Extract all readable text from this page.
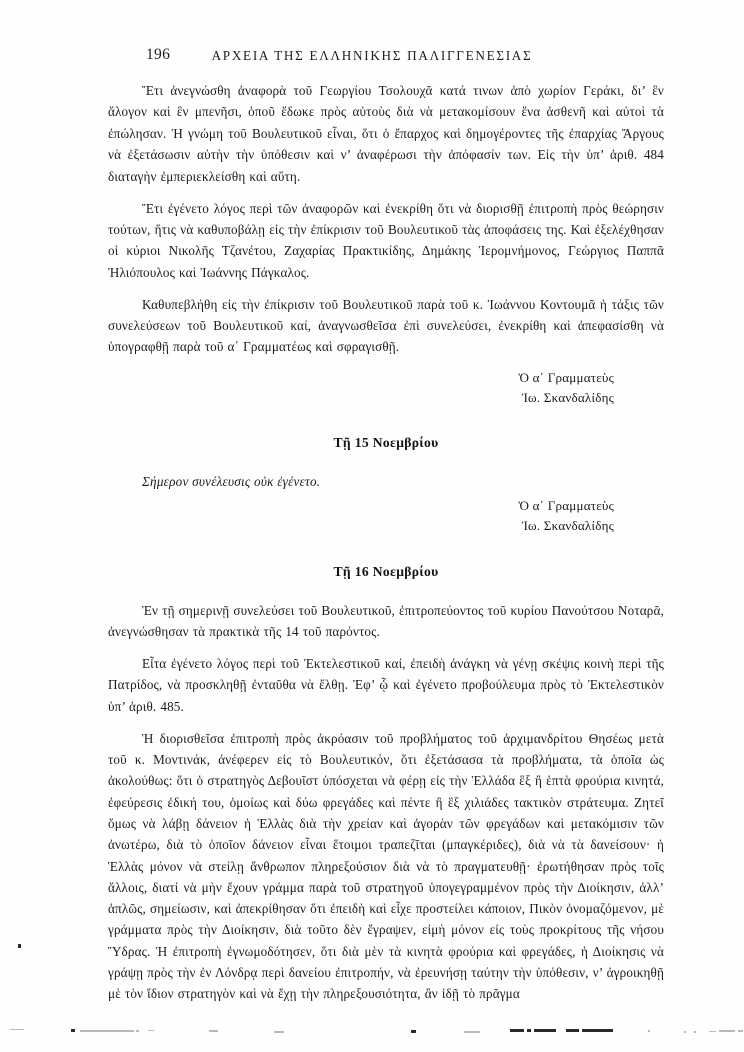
196	ΑΡΧΕΙΑ ΤΗΣ ΕΛΛΗΝΙΚΗΣ ΠΑΛΙΓΓΕΝΕΣΙΑΣ

Ἔτι ἀνεγνώσθη ἀναφορὰ τοῦ Γεωργίου Τσολουχᾶ κατά τινων ἀπὸ χωρίον Γεράκι, δι’ ἓν ἄλογον καὶ ἓν μπενῆσι, ὁποῦ ἔδωκε πρὸς αὐτοὺς διὰ νὰ μετακομίσουν ἕνα ἀσθενῆ καὶ αὐτοὶ τὰ ἐπώλησαν. Ἡ γνώμη τοῦ Βουλευτικοῦ εἶναι, ὅτι ὁ ἔπαρχος καὶ δημογέροντες τῆς ἐπαρχίας Ἄργους νὰ ἐξετάσωσιν αὐτὴν τὴν ὑπόθεσιν καὶ ν’ ἀναφέρωσι τὴν ἀπόφασίν των. Εἰς τὴν ὑπ’ ἀριθ. 484 διαταγὴν ἐμπεριεκλείσθη καὶ αὕτη.

Ἔτι ἐγένετο λόγος περὶ τῶν ἀναφορῶν καὶ ἐνεκρίθη ὅτι νὰ διορισθῇ ἐπιτροπὴ πρὸς θεώρησιν τούτων, ἥτις νὰ καθυποβάλῃ εἰς τὴν ἐπίκρισιν τοῦ Βουλευτικοῦ τὰς ἀποφάσεις της. Καὶ ἐξελέχθησαν οἱ κύριοι Νικολῆς Τζανέτου, Ζαχαρίας Πρακτικίδης, Δημάκης Ἱερομνήμονος, Γεώργιος Παππᾶ Ἠλιόπουλος καὶ Ἰωάννης Πάγκαλος.

Καθυπεβλήθη εἰς τὴν ἐπίκρισιν τοῦ Βουλευτικοῦ παρὰ τοῦ κ. Ἰωάννου Κοντουμᾶ ἡ τάξις τῶν συνελεύσεων τοῦ Βουλευτικοῦ καί, ἀναγνωσθεῖσα ἐπὶ συνελεύσει, ἐνεκρίθη καὶ ἀπεφασίσθη νὰ ὑπογραφθῇ παρὰ τοῦ α΄ Γραμματέως καὶ σφραγισθῇ.

Ὁ α΄ Γραμματεὺς
Ἰω. Σκανδαλίδης
Τῇ 15 Νοεμβρίου

Σήμερον συνέλευσις οὐκ ἐγένετο.

Ὁ α΄ Γραμματεὺς
Ἰω. Σκανδαλίδης
Τῇ 16 Νοεμβρίου

Ἐν τῇ σημερινῇ συνελεύσει τοῦ Βουλευτικοῦ, ἐπιτροπεύοντος τοῦ κυρίου Πανούτσου Νοταρᾶ, ἀνεγνώσθησαν τὰ πρακτικὰ τῆς 14 τοῦ παρόντος.

Εἶτα ἐγένετο λόγος περὶ τοῦ Ἐκτελεστικοῦ καί, ἐπειδὴ ἀνάγκη νὰ γένῃ σκέψις κοινὴ περὶ τῆς Πατρίδος, νὰ προσκληθῇ ἐνταῦθα νὰ ἔλθῃ. Ἐφ’ ᾧ καὶ ἐγένετο προβούλευμα πρὸς τὸ Ἐκτελεστικὸν ὑπ’ ἀριθ. 485.

Ἡ διορισθεῖσα ἐπιτροπὴ πρὸς ἀκρόασιν τοῦ προβλήματος τοῦ ἀρχιμανδρίτου Θησέως μετὰ τοῦ κ. Μοντινάκ, ἀνέφερεν εἰς τὸ Βουλευτικόν, ὅτι ἐξετάσασα τὰ προβλήματα, τὰ ὁποῖα ὡς ἀκολούθως: ὅτι ὁ στρατηγὸς Δεβουῖστ ὑπόσχεται νὰ φέρῃ εἰς τὴν Ἑλλάδα ἓξ ἢ ἑπτὰ φρούρια κινητά, ἐφεύρεσις ἐδική του, ὁμοίως καὶ δύω φρεγάδες καὶ πέντε ἢ ἓξ χιλιάδες τακτικὸν στράτευμα. Ζητεῖ ὅμως νὰ λάβῃ δάνειον ἡ Ἑλλὰς διὰ τὴν χρείαν καὶ ἀγορὰν τῶν φρεγάδων καὶ μετακόμισιν τῶν ἀνωτέρω, διὰ τὸ ὁποῖον δάνειον εἶναι ἕτοιμοι τραπεζῖται (μπαγκέριδες), διὰ νὰ τὰ δανείσουν· ἡ Ἑλλὰς μόνον νὰ στείλῃ ἄνθρωπον πληρεξούσιον διὰ νὰ τὸ πραγματευθῇ· ἐρωτήθησαν πρὸς τοῖς ἄλλοις, διατί νὰ μὴν ἔχουν γράμμα παρὰ τοῦ στρατηγοῦ ὑπογεγραμμένον πρὸς τὴν Διοίκησιν, ἀλλ’ ἁπλῶς, σημείωσιν, καὶ ἀπεκρίθησαν ὅτι ἐπειδὴ καὶ εἶχε προστείλει κάποιον, Πικὸν ὀνομαζόμενον, μὲ γράμματα πρὸς τὴν Διοίκησιν, διὰ τοῦτο δὲν ἔγραψεν, εἰμὴ μόνον εἰς τοὺς προκρίτους τῆς νήσου Ὕδρας. Ἡ ἐπιτροπὴ ἐγνωμοδότησεν, ὅτι διὰ μὲν τὰ κινητὰ φρούρια καὶ φρεγάδες, ἡ Διοίκησις νὰ γράψῃ πρὸς τὴν ἐν Λόνδρᾳ περὶ δανείου ἐπιτροπήν, νὰ ἐρευνήσῃ ταύτην τὴν ὑπόθεσιν, ν’ ἀγροικηθῇ μὲ τὸν ἴδιον στρατηγὸν καὶ νὰ ἔχῃ τὴν πληρεξουσιότητα, ἂν ἰδῇ τὸ πρᾶγμα
